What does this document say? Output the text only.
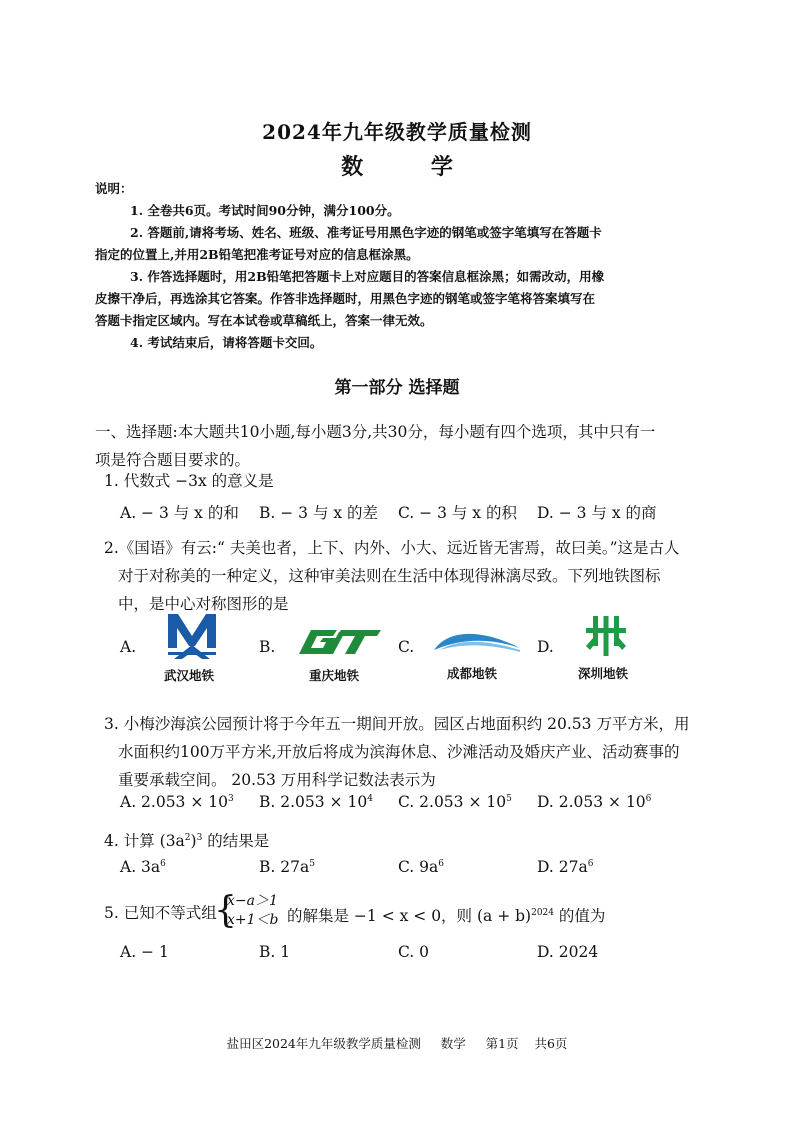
2024年九年级教学质量检测
数 学
说明：
1. 全卷共6页。考试时间90分钟，满分100分。
2. 答题前,请将考场、姓名、班级、准考证号用黑色字迹的钢笔或签字笔填写在答题卡
指定的位置上,并用2B铅笔把准考证号对应的信息框涂黑。
3. 作答选择题时，用2B铅笔把答题卡上对应题目的答案信息框涂黑；如需改动，用橡
皮擦干净后，再选涂其它答案。作答非选择题时，用黑色字迹的钢笔或签字笔将答案填写在
答题卡指定区域内。写在本试卷或草稿纸上，答案一律无效。
4. 考试结束后，请将答题卡交回。
第一部分 选择题
一、选择题:本大题共10小题,每小题3分,共30分，每小题有四个选项，其中只有一
项是符合题目要求的。
1. 代数式 −3x 的意义是
A. − 3 与 x 的和 B. − 3 与 x 的差 C. − 3 与 x 的积 D. − 3 与 x 的商
2.《国语》有云:“ 夫美也者，上下、内外、小大、远近皆无害焉，故曰美。”这是古人
对于对称美的一种定义，这种审美法则在生活中体现得淋漓尽致。下列地铁图标
中，是中心对称图形的是
A.	B.	C.	D.
武汉地铁	重庆地铁	成都地铁	深圳地铁
3. 小梅沙海滨公园预计将于今年五一期间开放。园区占地面积约 20.53 万平方米，用
水面积约100万平方米,开放后将成为滨海休息、沙滩活动及婚庆产业、活动赛事的
重要承载空间。 20.53 万用科学记数法表示为
A. $2.053 \times 10^3$ B. $2.053 \times 10^4$ C. $2.053 \times 10^5$ D. $2.053 \times 10^6$
4. 计算 $(3a^2)^3$ 的结果是
A. $3a^6$	B. $27a^5$	C. $9a^6$	D. $27a^6$
5. 已知不等式组
{
x−a＞1
x+1＜b 的解集是 −1 < x < 0，则 $(a + b)^{2024}$ 的值为
A. − 1	B. 1	C. 0	D. 2024
盐田区2024年九年级教学质量检测     数学     第1页    共6页
